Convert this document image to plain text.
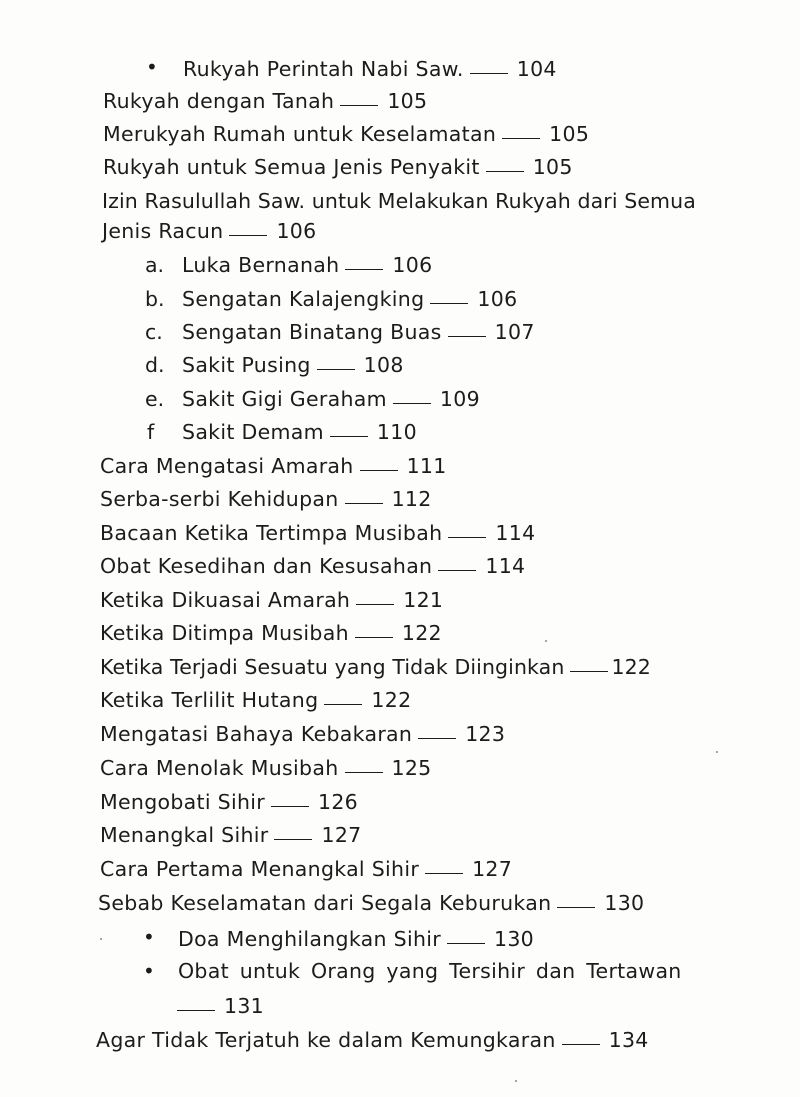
• Rukyah Perintah Nabi Saw.	104
Rukyah dengan Tanah	105
Merukyah Rumah untuk Keselamatan	105
Rukyah untuk Semua Jenis Penyakit	105
Izin Rasulullah Saw. untuk Melakukan Rukyah dari Semua
Jenis Racun	106
a. Luka Bernanah	106
b. Sengatan Kalajengking	106
c. Sengatan Binatang Buas	107
d. Sakit Pusing	108
e. Sakit Gigi Geraham	109
f Sakit Demam	110
Cara Mengatasi Amarah	111
Serba-serbi Kehidupan	112
Bacaan Ketika Tertimpa Musibah	114
Obat Kesedihan dan Kesusahan	114
Ketika Dikuasai Amarah	121
Ketika Ditimpa Musibah	122
Ketika Terjadi Sesuatu yang Tidak Diinginkan 122
Ketika Terlilit Hutang	122
Mengatasi Bahaya Kebakaran	123
Cara Menolak Musibah	125
Mengobati Sihir	126
Menangkal Sihir	127
Cara Pertama Menangkal Sihir	127
Sebab Keselamatan dari Segala Keburukan	130
• Doa Menghilangkan Sihir	130
• Obat untuk Orang yang Tersihir dan Tertawan
131
Agar Tidak Terjatuh ke dalam Kemungkaran	134
